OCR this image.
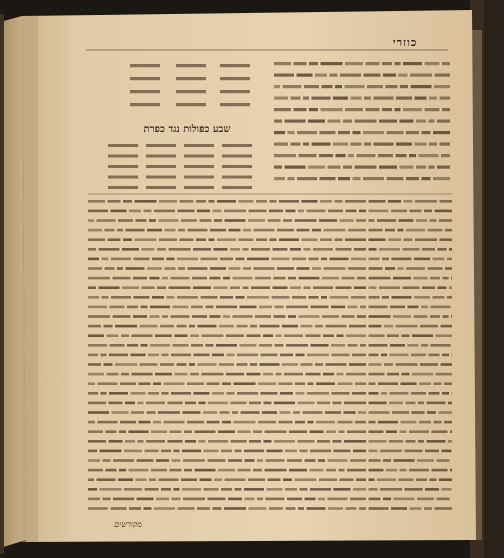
כוזרי
שבע כפולות נגד כפרת
מקורשים
